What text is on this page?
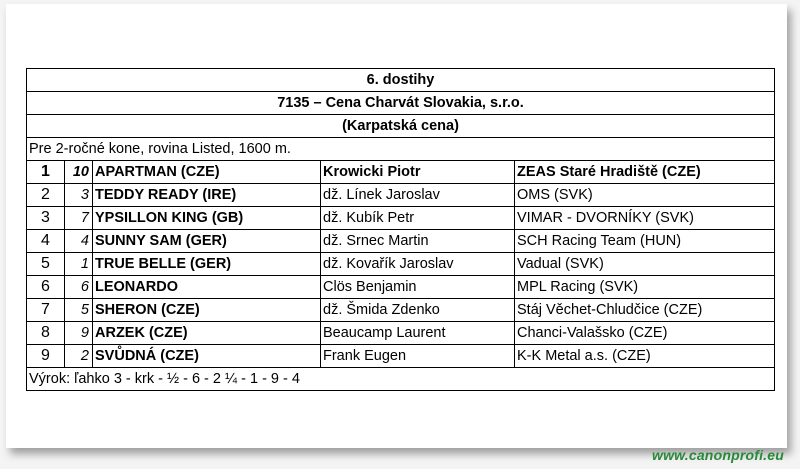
6. dostihy				
7135 – Cena Charvát Slovakia, s.r.o.				
(Karpatská cena)				
Pre 2-ročné kone, rovina Listed, 1600 m.				
1	10	APARTMAN (CZE)	Krowicki Piotr	ZEAS Staré Hradiště (CZE)
2	3	TEDDY READY (IRE)	dž. Línek Jaroslav	OMS (SVK)
3	7	YPSILLON KING (GB)	dž. Kubík Petr	VIMAR - DVORNÍKY (SVK)
4	4	SUNNY SAM (GER)	dž. Srnec Martin	SCH Racing Team (HUN)
5	1	TRUE BELLE (GER)	dž. Kovařík Jaroslav	Vadual (SVK)
6	6	LEONARDO	Clös Benjamin	MPL Racing (SVK)
7	5	SHERON (CZE)	dž. Šmida Zdenko	Stáj Věchet-Chludčice (CZE)
8	9	ARZEK (CZE)	Beaucamp Laurent	Chanci-Valašsko (CZE)
9	2	SVŮDNÁ (CZE)	Frank Eugen	K-K Metal a.s. (CZE)
Výrok: ľahko 3 - krk - ½ - 6 - 2 ¼ - 1 - 9 - 4				
www.canonprofi.eu
